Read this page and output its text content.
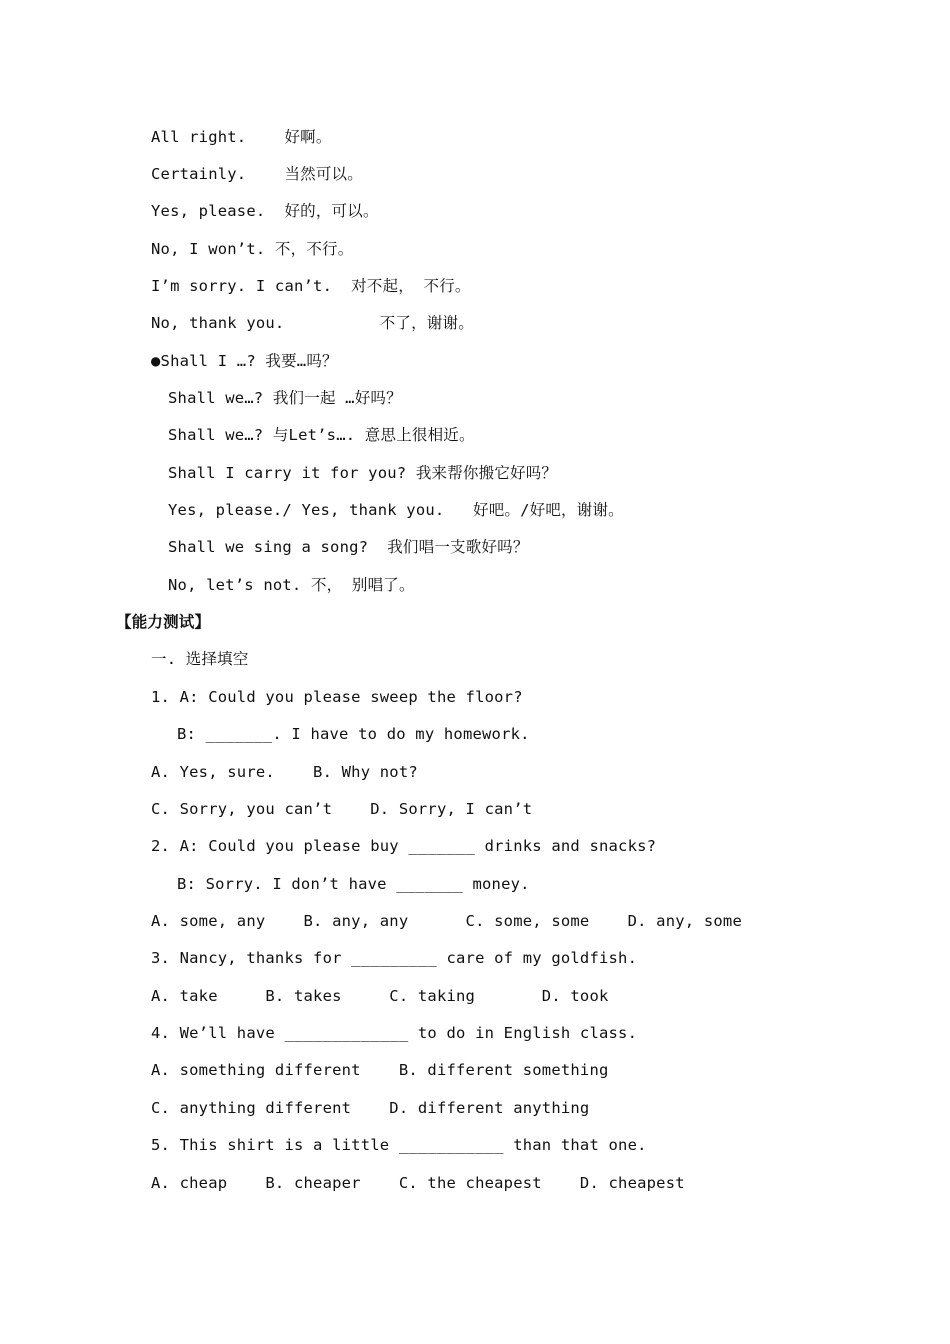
All right.    好啊。
Certainly.    当然可以。
Yes, please.  好的，可以。
No, I won’t. 不，不行。
I’m sorry. I can’t.  对不起， 不行。
No, thank you.          不了，谢谢。
●Shall I …? 我要…吗？
Shall we…? 我们一起 …好吗？
Shall we…? 与Let’s…. 意思上很相近。
Shall I carry it for you? 我来帮你搬它好吗？
Yes, please./ Yes, thank you.   好吧。/好吧，谢谢。
Shall we sing a song?  我们唱一支歌好吗？
No, let’s not. 不， 别唱了。
【能力测试】
一. 选择填空
1. A: Could you please sweep the floor?
B: _______. I have to do my homework.
A. Yes, sure.    B. Why not?
C. Sorry, you can’t    D. Sorry, I can’t
2. A: Could you please buy _______ drinks and snacks?
B: Sorry. I don’t have _______ money.
A. some, any    B. any, any      C. some, some    D. any, some
3. Nancy, thanks for _________ care of my goldfish.
A. take     B. takes     C. taking       D. took
4. We’ll have _____________ to do in English class.
A. something different    B. different something
C. anything different    D. different anything
5. This shirt is a little ___________ than that one.
A. cheap    B. cheaper    C. the cheapest    D. cheapest
